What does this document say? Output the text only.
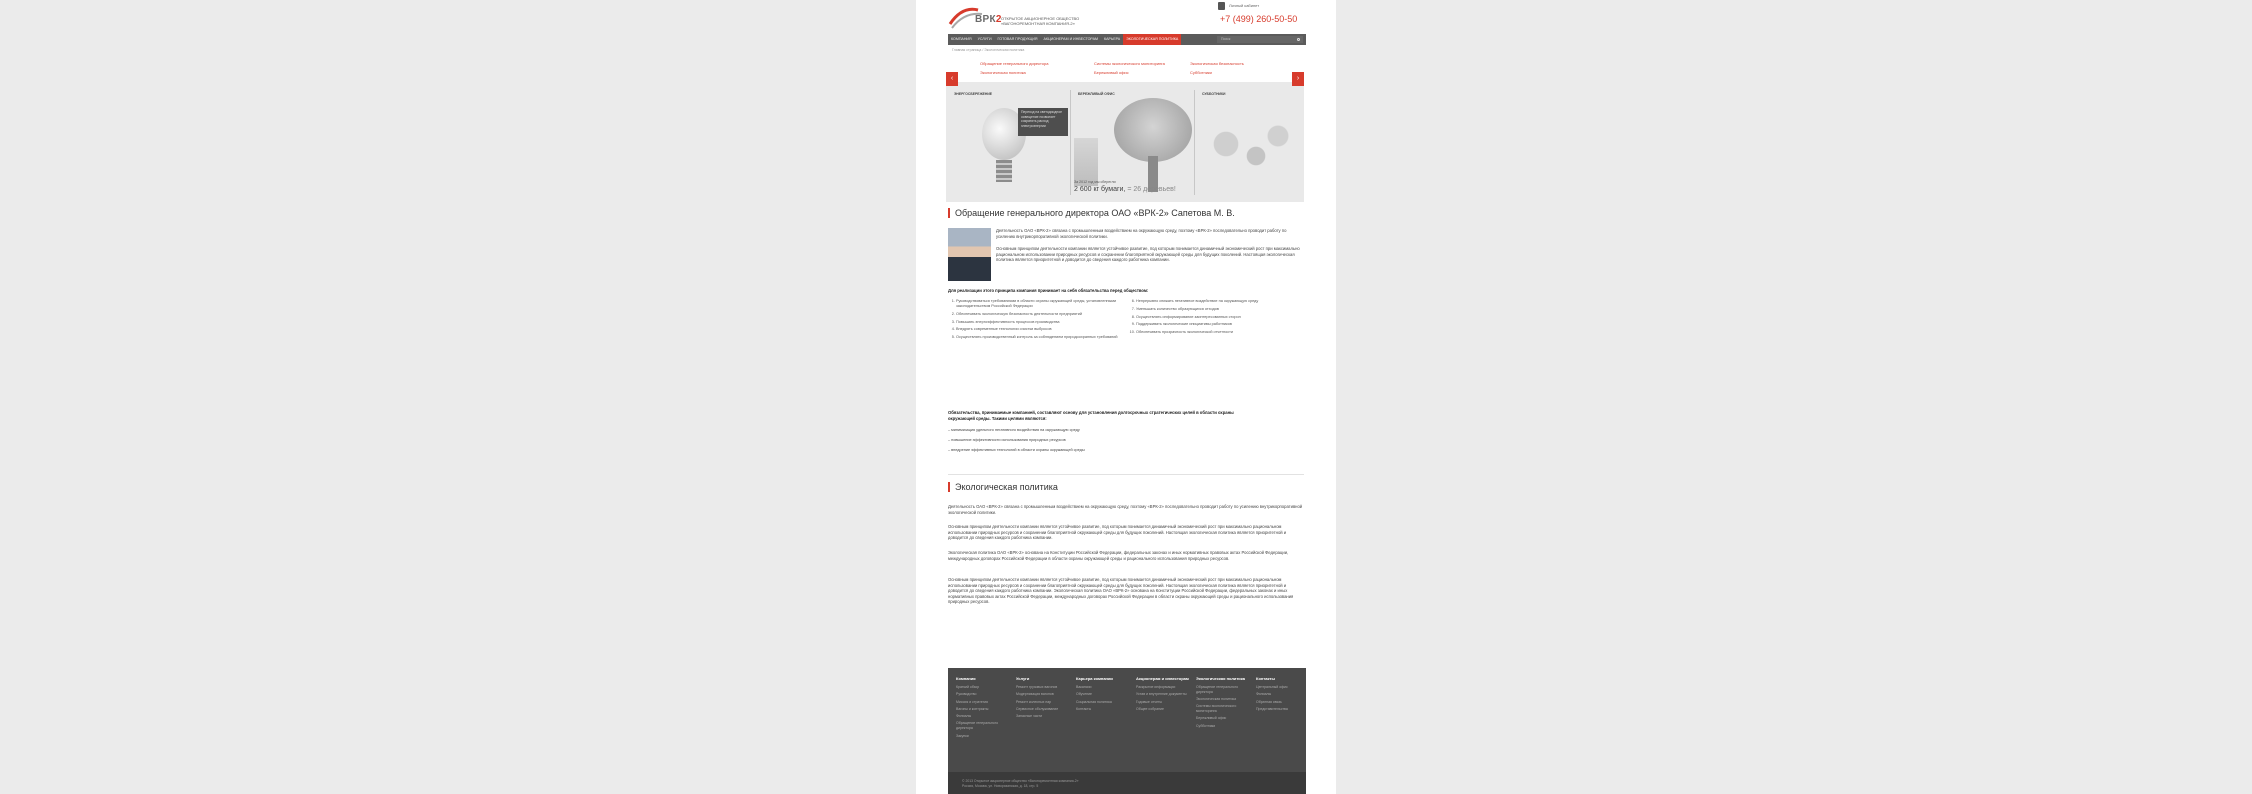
ВРК2 ОТКРЫТОЕ АКЦИОНЕРНОЕ ОБЩЕСТВО «ВАГОНОРЕМОНТНАЯ КОМПАНИЯ-2»
Личный кабинет
+7 (499) 260-50-50
КОМПАНИЯ	УСЛУГИ	ГОТОВАЯ ПРОДУКЦИЯ	АКЦИОНЕРАМ И ИНВЕСТОРАМ	КАРЬЕРА	ЭКОЛОГИЧЕСКАЯ ПОЛИТИКА	Поиск
Главная страница / Экологическая политика
Обращение генерального директора	Системы экологического мониторинга	Экологическая безопасность
Экологическая политика	Бережливый офис	Субботники
ЭНЕРГОСБЕРЕЖЕНИЕ
Переход на светодиодное освещение позволяет сократить расход электроэнергии
БЕРЕЖЛИВЫЙ ОФИС
За 2012 год мы сберегли
2 600 кг бумаги, = 26 деревьев!
СУББОТНИКИ
‹	›
Обращение генерального директора ОАО «ВРК-2» Сапетова М. В.
Деятельность ОАО «ВРК-2» связана с промышленным воздействием на окружающую среду, поэтому «ВРК-2» последовательно проводит работу по усилению внутрикорпоративной экологической политики.
Основным принципом деятельности компании является устойчивое развитие, под которым понимается динамичный экономический рост при максимально рациональном использовании природных ресурсов и сохранении благоприятной окружающей среды для будущих поколений. Настоящая экологическая политика является приоритетной и доводится до сведения каждого работника компании.
Для реализации этого принципа компания принимает на себя обязательства перед обществом:
1. Руководствоваться требованиями в области охраны окружающей среды, установленными законодательством Российской Федерации
2. Обеспечивать экологическую безопасность деятельности предприятий
3. Повышать энергоэффективность процессов производства
4. Внедрять современные технологии очистки выбросов
5. Осуществлять производственный контроль за соблюдением природоохранных требований
6. Непрерывно снижать негативное воздействие на окружающую среду
7. Уменьшать количество образующихся отходов
8. Осуществлять информирование заинтересованных сторон
9. Поддерживать экологические инициативы работников
10. Обеспечивать прозрачность экологической отчетности
Обязательства, принимаемые компанией, составляют основу для установления долгосрочных стратегических целей в области охраны окружающей среды. Такими целями являются:
– минимизация удельного негативного воздействия на окружающую среду
– повышение эффективности использования природных ресурсов
– внедрение эффективных технологий в области охраны окружающей среды
Экологическая политика
Деятельность ОАО «ВРК-2» связана с промышленным воздействием на окружающую среду, поэтому «ВРК-2» последовательно проводит работу по усилению внутрикорпоративной экологической политики.
Основным принципом деятельности компании является устойчивое развитие, под которым понимается динамичный экономический рост при максимально рациональном использовании природных ресурсов и сохранении благоприятной окружающей среды для будущих поколений. Настоящая экологическая политика является приоритетной и доводится до сведения каждого работника компании.
Экологическая политика ОАО «ВРК-2» основана на Конституции Российской Федерации, федеральных законах и иных нормативных правовых актах Российской Федерации, международных договорах Российской Федерации в области охраны окружающей среды и рационального использования природных ресурсов.
Основным принципом деятельности компании является устойчивое развитие, под которым понимается динамичный экономический рост при максимально рациональном использовании природных ресурсов и сохранении благоприятной окружающей среды для будущих поколений. Настоящая экологическая политика является приоритетной и доводится до сведения каждого работника компании. Экологическая политика ОАО «ВРК-2» основана на Конституции Российской Федерации, федеральных законах и иных нормативных правовых актах Российской Федерации, международных договорах Российской Федерации в области охраны окружающей среды и рационального использования природных ресурсов.
Компания
Краткий обзор
Руководство
Миссия и стратегия
Вагоны и контракты
Филиалы
Обращение генерального директора
Закупки
Услуги
Ремонт грузовых вагонов
Модернизация вагонов
Ремонт колесных пар
Сервисное обслуживание
Запасные части
Карьера компании
Вакансии
Обучение
Социальная политика
Контакты
Акционерам и инвесторам
Раскрытие информации
Устав и внутренние документы
Годовые отчеты
Общее собрание
Экологическая политика
Обращение генерального директора
Экологическая политика
Системы экологического мониторинга
Бережливый офис
Субботники
Контакты
Центральный офис
Филиалы
Обратная связь
Представительства
© 2013 Открытое акционерное общество «Вагоноремонтная компания-2»
Россия, Москва, ул. Новорязанская, д. 18, стр. 5
